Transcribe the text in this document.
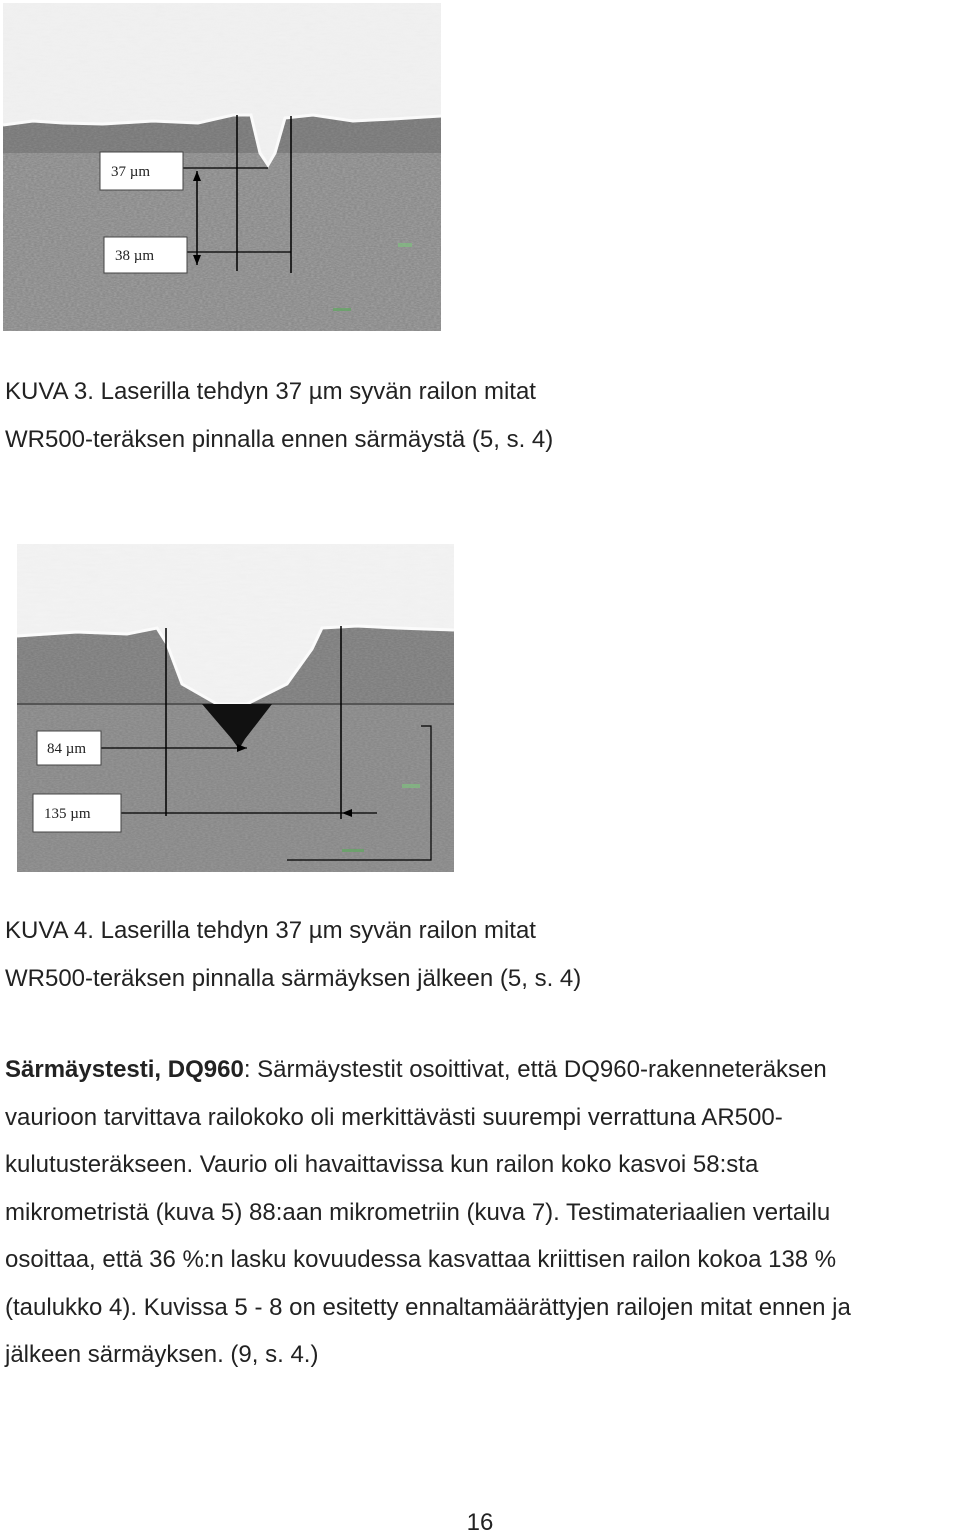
37 µm
38 µm
KUVA 3. Laserilla tehdyn 37 µm syvän railon mitat
WR500-teräksen pinnalla ennen särmäystä (5, s. 4)
84 µm
135 µm
KUVA 4. Laserilla tehdyn 37 µm syvän railon mitat
WR500-teräksen pinnalla särmäyksen jälkeen (5, s. 4)

Särmäystesti, DQ960: Särmäystestit osoittivat, että DQ960-rakenneteräksen

vaurioon tarvittava railokoko oli merkittävästi suurempi verrattuna AR500-

kulutusteräkseen. Vaurio oli havaittavissa kun railon koko kasvoi 58:sta

mikrometristä (kuva 5) 88:aan mikrometriin (kuva 7). Testimateriaalien vertailu

osoittaa, että 36 %:n lasku kovuudessa kasvattaa kriittisen railon kokoa 138 %

(taulukko 4). Kuvissa 5 - 8 on esitetty ennaltamäärättyjen railojen mitat ennen ja

jälkeen särmäyksen. (9, s. 4.)

16
